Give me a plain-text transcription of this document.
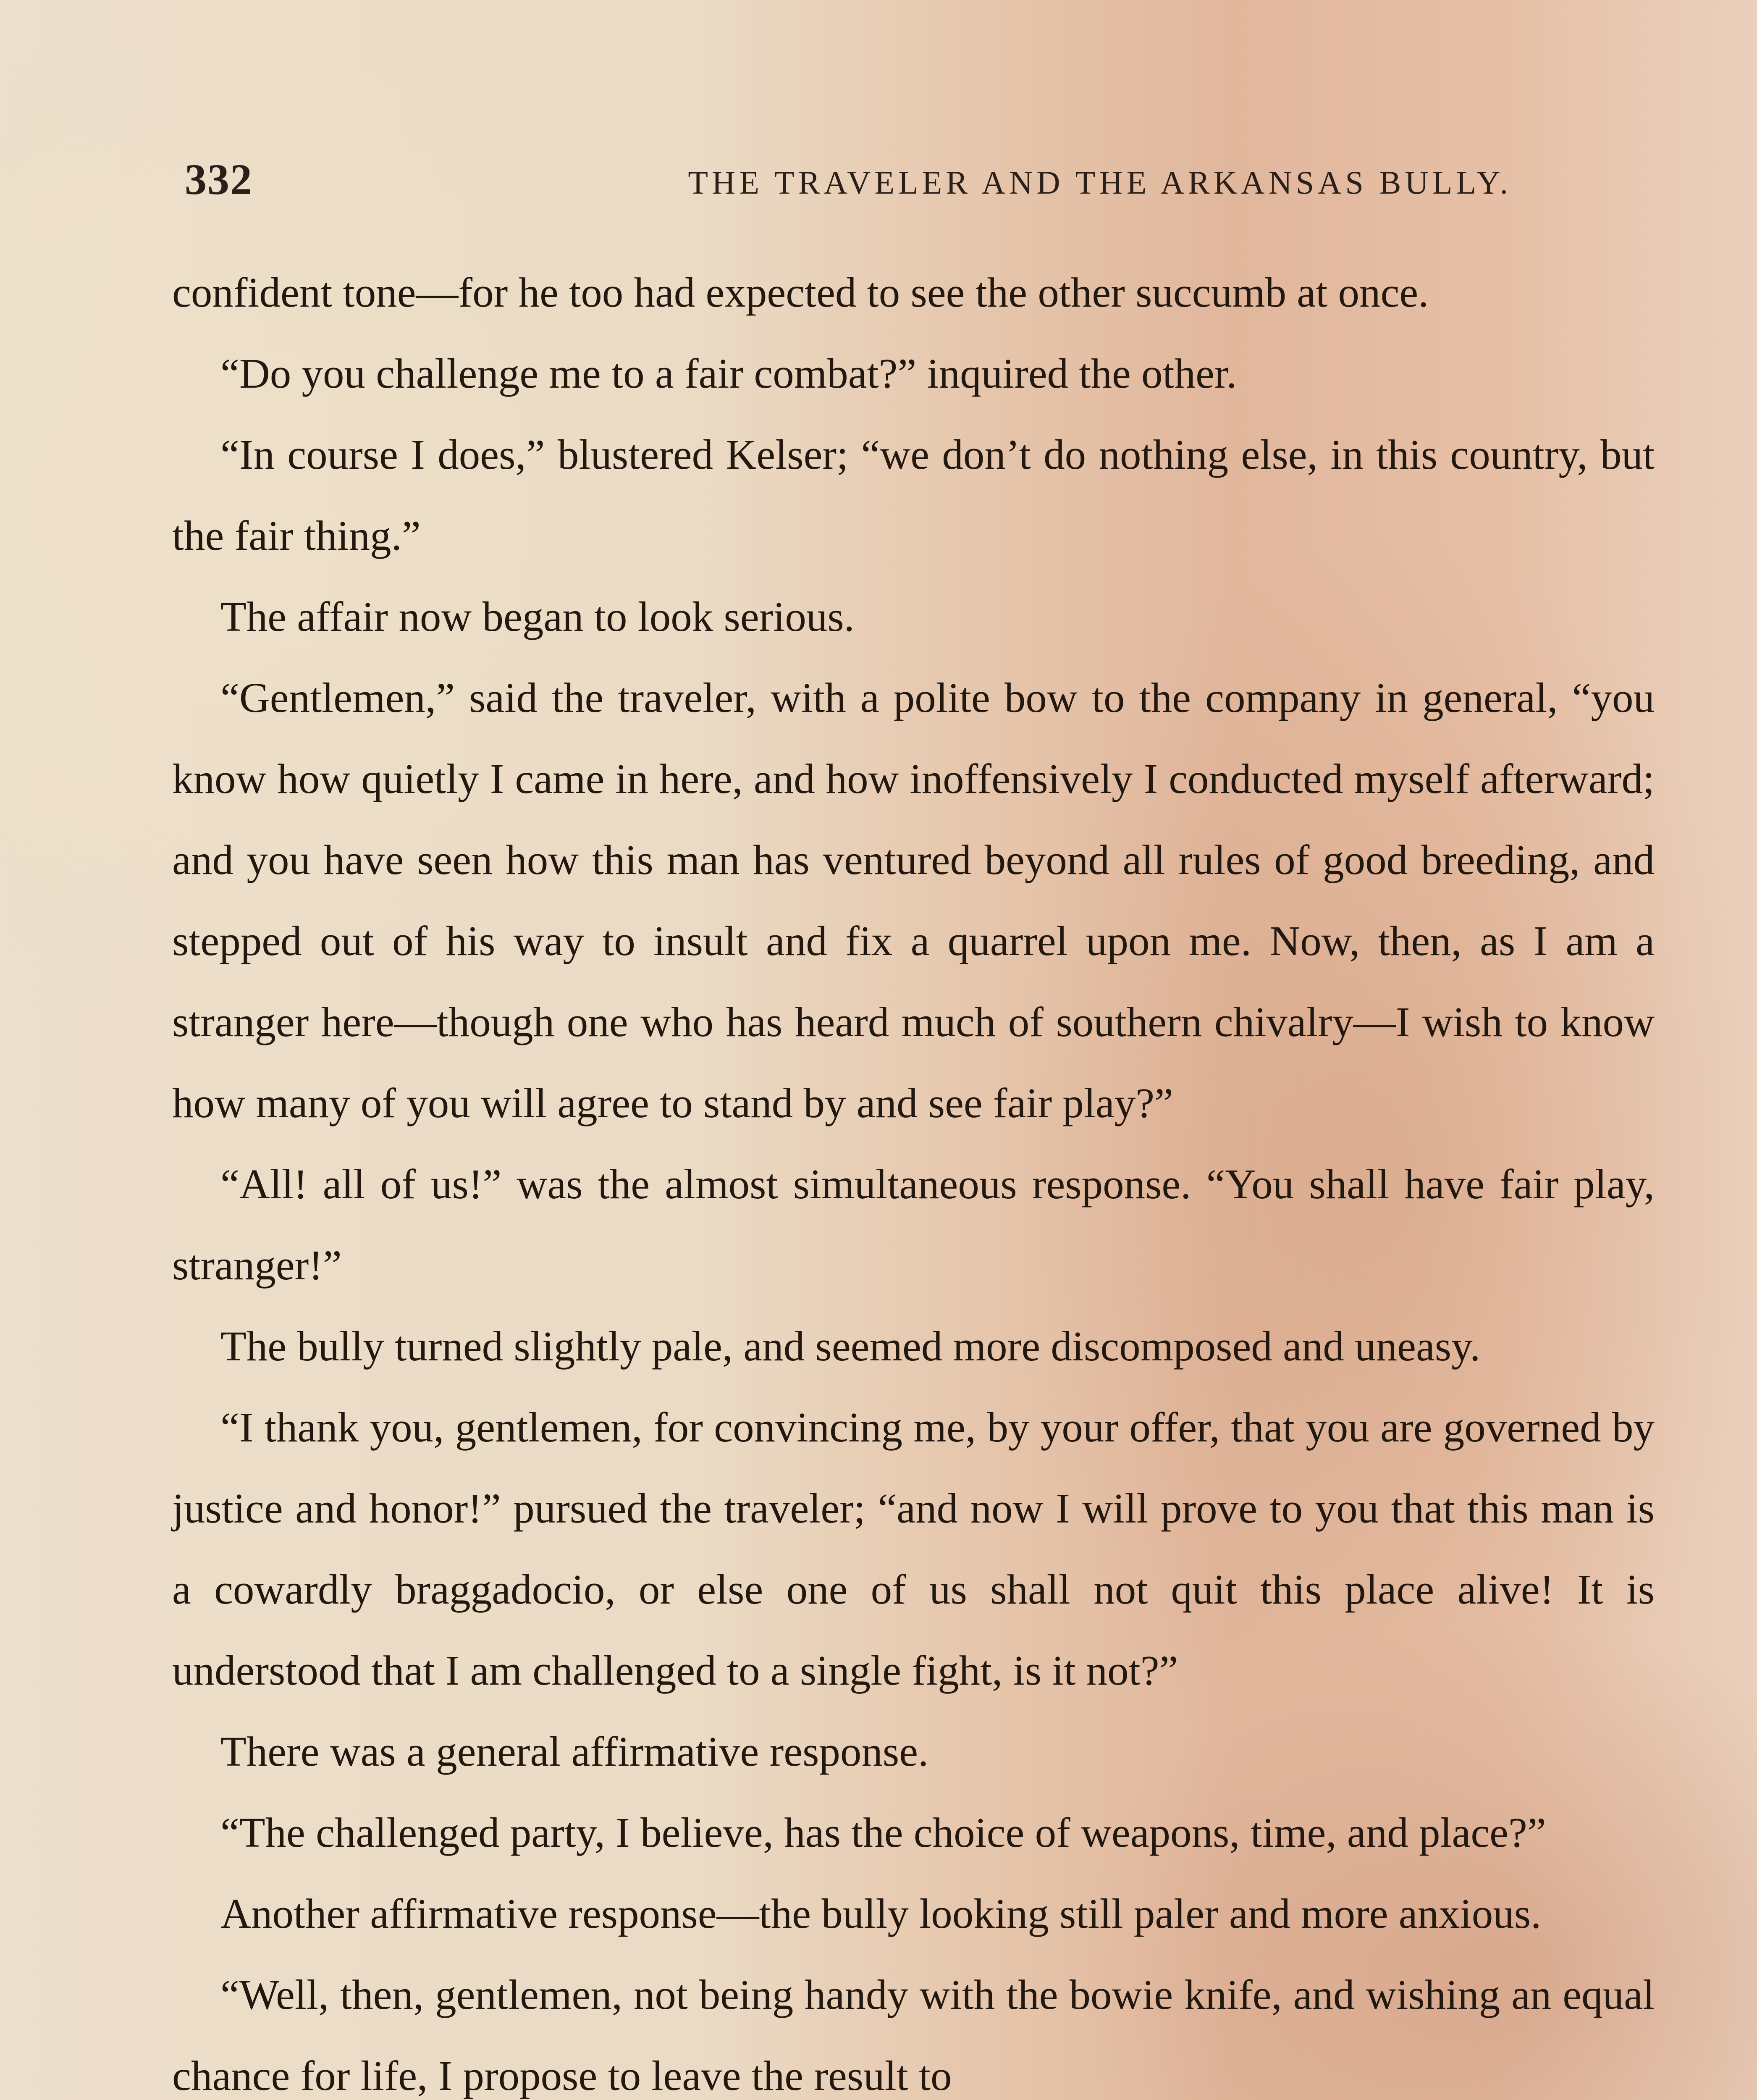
332	THE TRAVELER AND THE ARKANSAS BULLY.

confident tone—for he too had expected to see the other succumb at once.

“Do you challenge me to a fair combat?” inquired the other.

“In course I does,” blustered Kelser; “we don’t do nothing else, in this country, but the fair thing.”

The affair now began to look serious.

“Gentlemen,” said the traveler, with a polite bow to the company in general, “you know how quietly I came in here, and how inoffensively I conducted myself afterward; and you have seen how this man has ventured beyond all rules of good breeding, and stepped out of his way to insult and fix a quarrel upon me. Now, then, as I am a stranger here—though one who has heard much of southern chivalry—I wish to know how many of you will agree to stand by and see fair play?”

“All! all of us!” was the almost simultaneous response. “You shall have fair play, stranger!”

The bully turned slightly pale, and seemed more discomposed and uneasy.

“I thank you, gentlemen, for convincing me, by your offer, that you are governed by justice and honor!” pursued the traveler; “and now I will prove to you that this man is a cowardly braggadocio, or else one of us shall not quit this place alive! It is understood that I am challenged to a single fight, is it not?”

There was a general affirmative response.

“The challenged party, I believe, has the choice of weapons, time, and place?”

Another affirmative response—the bully looking still paler and more anxious.

“Well, then, gentlemen, not being handy with the bowie knife, and wishing an equal chance for life, I propose to leave the result to
